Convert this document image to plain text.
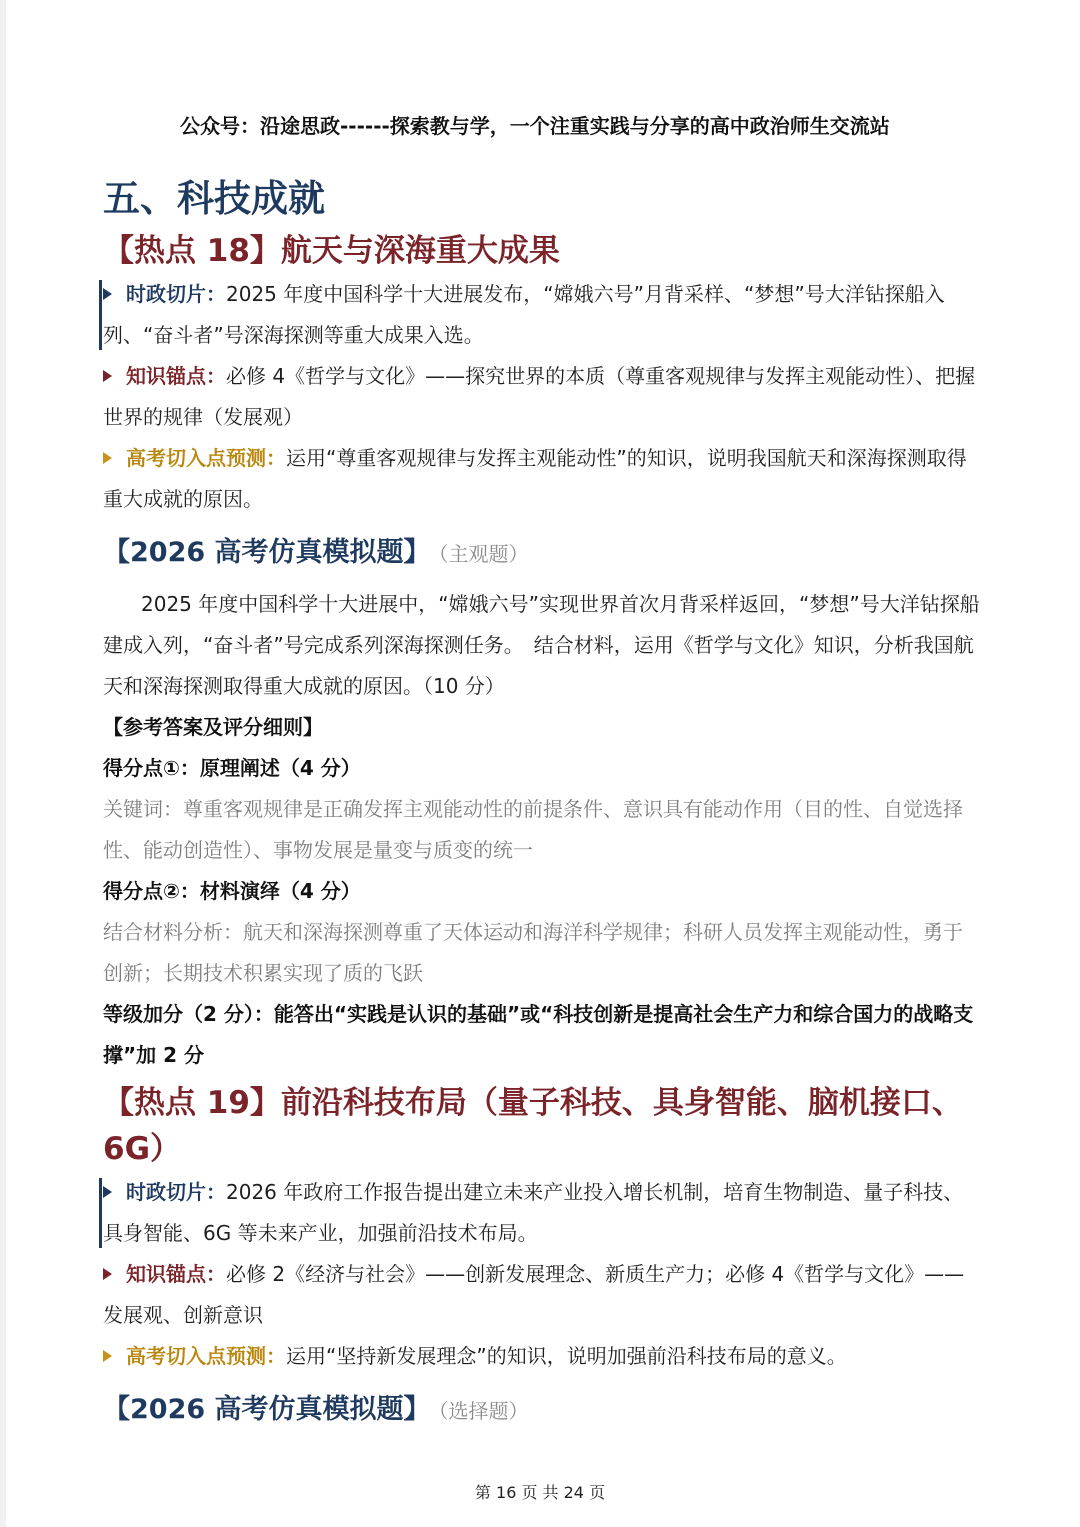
公众号：沿途思政------探索教与学，一个注重实践与分享的高中政治师生交流站
五、科技成就
【热点 18】航天与深海重大成果
时政切片：2025 年度中国科学十大进展发布，“嫦娥六号”月背采样、“梦想”号大洋钻探船入列、“奋斗者”号深海探测等重大成果入选。
知识锚点：必修 4《哲学与文化》——探究世界的本质（尊重客观规律与发挥主观能动性）、把握世界的规律（发展观）
高考切入点预测：运用“尊重客观规律与发挥主观能动性”的知识，说明我国航天和深海探测取得重大成就的原因。
【2026 高考仿真模拟题】 （主观题）
2025 年度中国科学十大进展中，“嫦娥六号”实现世界首次月背采样返回，“梦想”号大洋钻探船建成入列，“奋斗者”号完成系列深海探测任务。　结合材料，运用《哲学与文化》知识，分析我国航天和深海探测取得重大成就的原因。（10 分）
【参考答案及评分细则】
得分点①：原理阐述（4 分）
关键词：尊重客观规律是正确发挥主观能动性的前提条件、意识具有能动作用（目的性、自觉选择性、能动创造性）、事物发展是量变与质变的统一
得分点②：材料演绎（4 分）
结合材料分析：航天和深海探测尊重了天体运动和海洋科学规律；科研人员发挥主观能动性，勇于创新；长期技术积累实现了质的飞跃
等级加分（2 分）：能答出“实践是认识的基础”或“科技创新是提高社会生产力和综合国力的战略支撑”加 2 分
【热点 19】前沿科技布局（量子科技、具身智能、脑机接口、6G）
时政切片：2026 年政府工作报告提出建立未来产业投入增长机制，培育生物制造、量子科技、具身智能、6G 等未来产业，加强前沿技术布局。
知识锚点：必修 2《经济与社会》——创新发展理念、新质生产力；必修 4《哲学与文化》——发展观、创新意识
高考切入点预测：运用“坚持新发展理念”的知识，说明加强前沿科技布局的意义。
【2026 高考仿真模拟题】 （选择题）
第 16 页 共 24 页
